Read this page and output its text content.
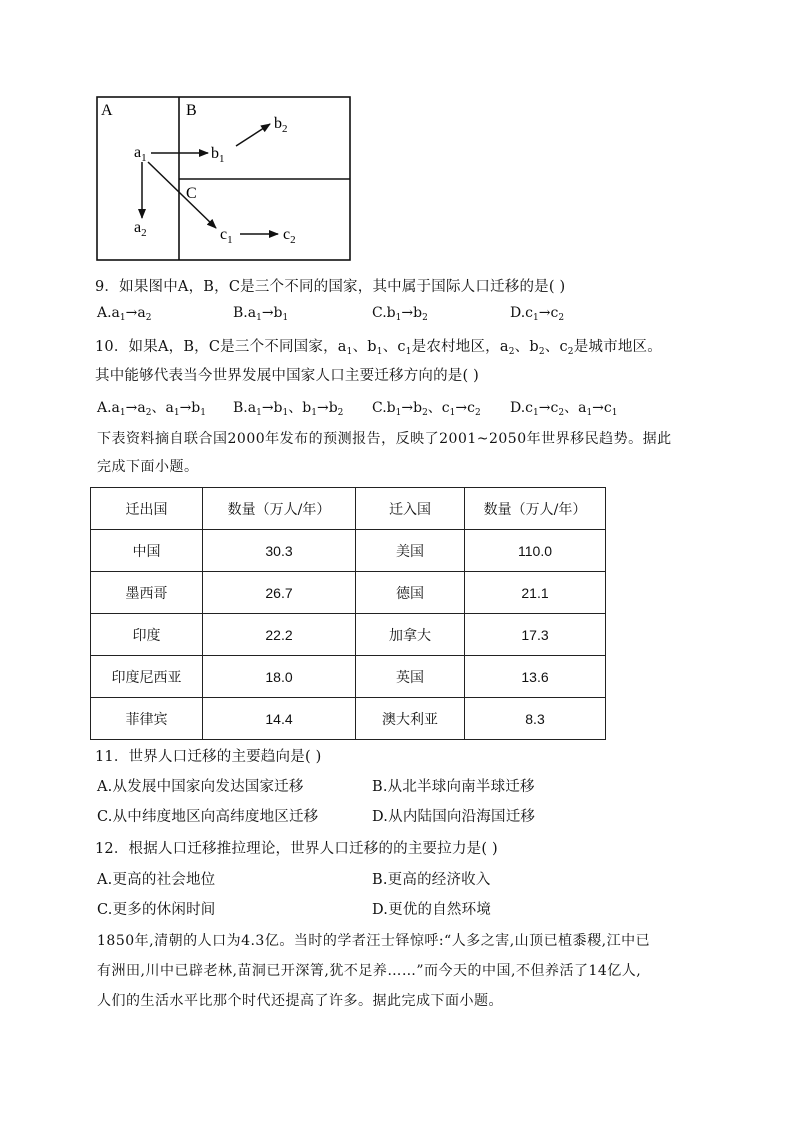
A	B
C
$a_1$
$a_2$
$b_1$
$b_2$
$c_1$	$c_2$
9．如果图中A，B，C是三个不同的国家，其中属于国际人口迁移的是( )
$A.a_1\to a_2$	$B.a_1\to b_1$	$C.b_1\to b_2$	$D.c_1\to c_2$
10．如果A，B，C是三个不同国家，$a_1$、$b_1$、$c_1$是农村地区，$a_2$、$b_2$、$c_2$是城市地区。
其中能够代表当今世界发展中国家人口主要迁移方向的是( )
$A.a_1\to a_2$、$a_1\to b_1$ $B.a_1\to b_1$、$b_1\to b_2$ $C.b_1\to b_2$、$c_1\to c_2$ $D.c_1\to c_2$、$a_1\to c_1$
下表资料摘自联合国2000年发布的预测报告，反映了2001~2050年世界移民趋势。据此
完成下面小题。
迁出国	数量（万人/年）	迁入国	数量（万人/年）
中国	30.3	美国	110.0
墨西哥	26.7	德国	21.1
印度	22.2	加拿大	17.3
印度尼西亚	18.0	英国	13.6
菲律宾	14.4	澳大利亚	8.3
11．世界人口迁移的主要趋向是( )
A.从发展中国家向发达国家迁移	B.从北半球向南半球迁移
C.从中纬度地区向高纬度地区迁移	D.从内陆国向沿海国迁移
12．根据人口迁移推拉理论，世界人口迁移的的主要拉力是( )
A.更高的社会地位	B.更高的经济收入
C.更多的休闲时间	D.更优的自然环境
1850年,清朝的人口为4.3亿。当时的学者汪士铎惊呼:“人多之害,山顶已植黍稷,江中已
有洲田,川中已辟老林,苗洞已开深箐,犹不足养……”而今天的中国,不但养活了14亿人,
人们的生活水平比那个时代还提高了许多。据此完成下面小题。
